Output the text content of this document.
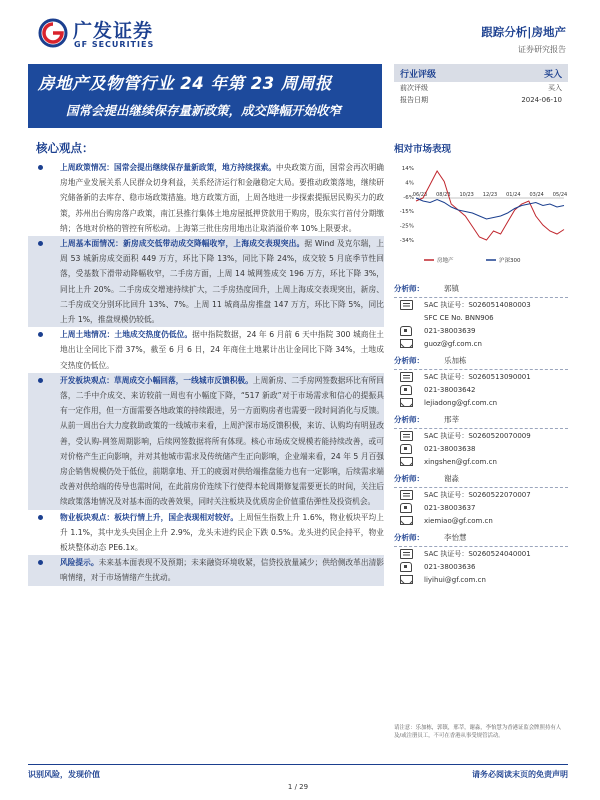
广发证券
GF SECURITIES
跟踪分析|房地产
证券研究报告
房地产及物管行业 24 年第 23 周周报
国常会提出继续保存量新政策，成交降幅开始收窄
行业评级	买入
前次评级	买入
报告日期	2024-06-10
核心观点：
上周政策情况：国常会提出继续保存量新政策，地方持续探索。中央政策方面，国常会再次明确房地产业发展关系人民群众切身利益，关系经济运行和金融稳定大局。要推动政策落地，继续研究储备新的去库存、稳市场政策措施。地方政策方面，上周各地进一步探索提振居民购买力的政策，苏州出台购房落户政策，南江县推行集体土地房屋抵押贷款用于购房，股东实行首付分期缴纳；各地对价格的管控有所松动。上海第三批住房用地出让取消溢价率 10%上限要求。
上周基本面情况：新房成交低带动成交降幅收窄，上海成交表现突出。据 Wind 及克尔瑞，上周 53 城新房成交面积 449 万方，环比下降 13%，同比下降 24%，成交较 5 月底季节性回落，受基数下滑带动降幅收窄，二手房方面，上周 14 城网签成交 196 万方，环比下降 3%，同比上升 20%。二手房成交增速持续扩大，二手房热度回升，上周上海成交表现突出，新房、二手房成交分别环比回升 13%、7%。上周 11 城商品房推盘 147 万方，环比下降 5%，同比上升 1%，推盘规模仍较低。
上周土地情况：土地成交热度仍低位。据中指院数据，24 年 6 月前 6 天中指院 300 城商住土地出让全同比下滑 37%，截至 6 月 6 日，24 年商住土地累计出让金同比下降 34%，土地成交热度仍低位。
开发板块观点：草周成交小幅回落，一线城市反馈积极。上周新房、二手房网签数据环比有所回落，二手中介成交、来访较前一周也有小幅度下降，“517 新政”对于市场需求和信心的提振具有一定作用，但一方面需要各地政策的持续跟进，另一方面购房者也需要一段时间消化与反馈。从前一周出台大力度救助政策的一线城市来看，上周沪深市场反馈积极，来访、认购均有明显改善，受认购-网签周期影响，后续网签数据将所有体现。核心市场成交规模若能持续改善，或可对价格产生正向影响，并对其他城市需求及传统储产生正向影响，企业端来看，24 年 5 月百强房企销售规模仍处于低位，前期拿地、开工的疲弱对供给端推盘能力也有一定影响，后续需求端改善对供给端的传导也需时间，在此前房价连续下行使得本轮周期修复需要更长的时间，关注后续政策落地情况及对基本面的改善效果，同时关注板块及优质房企价值重估弹性及投资机会。
物业板块观点：板块行情上升，国企表现相对较好。上周恒生指数上升 1.6%，物业板块平均上升 1.1%，其中龙头央国企上升 2.9%，龙头未进约民企下跌 0.5%。龙头进约民企持平，物业板块整体动态 PE6.1x。
风险提示。未来基本面表现不及预期；未来融资环境收紧，信贷投放量减少；供给侧改革出清影响情绪，对于市场情绪产生扰动。
相对市场表现
14%
4%
-6%
-15%
-25%
-34%
06/23 08/23 10/23 12/23 01/24 03/24 05/24
房地产	沪深300
分析师：	郭镇
SAC 执证号：S0260514080003
SFC CE No. BNN906
021-38003639
guoz@gf.com.cn
分析师：	乐加栋
SAC 执证号：S0260513090001
021-38003642
lejiadong@gf.com.cn
分析师：	邢莘
SAC 执证号：S0260520070009
021-38003638
xingshen@gf.com.cn
分析师：	谢淼
SAC 执证号：S0260522070007
021-38003637
xiemiao@gf.com.cn
分析师：	李怡慧
SAC 执证号：S0260524040001
021-38003636
liyihui@gf.com.cn
请注意：乐加栋，郭镇，邢莘，谢淼，李怡慧为香港证监会牌照持有人及/或注册员工，不可在香港从事受规管活动。
识别风险，发现价值	请务必阅读末页的免责声明
1 / 29
